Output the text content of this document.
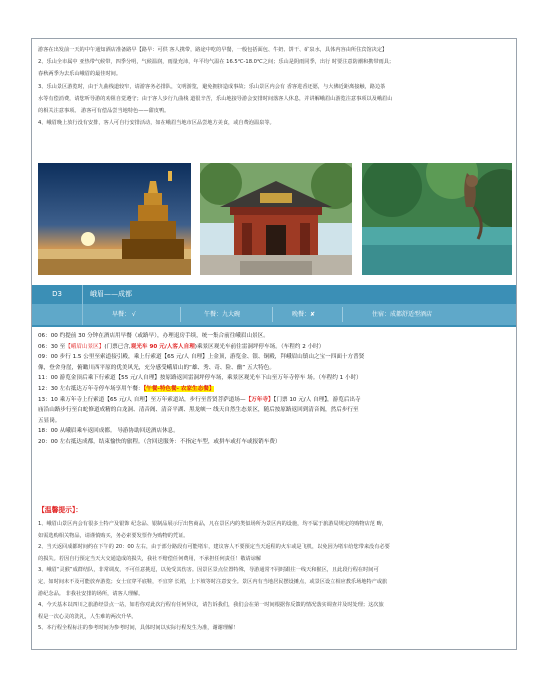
游客在出发前一天的中午通知酒店准备路早【路早：可供 客人携带，路途中吃的早餐，一般包括面包、牛奶、饼干、矿泉水，具体内容由所住宾馆决定】

2、乐山全市属中 亚热带气候带，四季分明，气候温润，雨量充沛，年平均气温在 16.5℃-18.0℃之间；乐山是阴雨同季，出行 时要注意防潮和携带雨具；

春秋两季为去乐山峨眉的最佳时间。

3、乐山景区游览时，由于九曲栈道较窄，请游客务必排队，文明游览，避免拥挤造成事故；乐山景区内会有 香客进香还愿，与大佛近距离接触，路边茶

水等有偿消费，请您听导游的劝阻自觉遵守；由于客人步行九曲栈 道很辛苦，乐山地接导游会安排时间落客人休息，并讲解峨眉山游览注意事项以及峨眉山

的相关注意事项。 游客可有偿品尝当地特色——甜皮鸭。

4、峨眉晚上放行没有安排，客人可自行安排活动，如在峨眉当地市区品尝地方美食，或自费泡温泉等。

D3	峨眉——成都
早餐： √	午餐：九大碗	晚餐：✘	住宿：成都舒适型酒店

06：00 约提前 30 分钟在酒店用早餐（或路早），办理退房手续，统一集合前往峨眉山景区。

06：30 至【峨眉山景区】(门票已含,观光车 90 元/人客人自理)乘景区观光车前往雷洞坪停车场。（车程约 2 小时）

09：00 步行 1.5 公里至索道接引殿，乘上行索道【65 元/人 自理】上金顶，游览金、银、铜殿，拜峨眉山镇山之宝一四面十方普贤

像，登舍身崖，俯瞰川西平原的优美风光，充分感受峨眉山的“雄、秀、奇、险、幽” 五大特色。

11：00 游览金顶后乘下行索道【55 元/人自理】按原路返回雷洞坪停车场，乘景区观光车下山至万年寺停车 场。（车程约 1 小时）

12：30 左右抵达万年寺停车场享用午餐：【午餐-特色餐- 农家生态餐】

13：10 乘万年寺上行索道【65 元/人 自理】至万年索道站，步行至普贤菩萨道场—【万年寺】【门票 10 元/人 自理】，游览后出寺

庙沿山路步行至白蛇修道成精的白龙洞、清音阁、清音平湖、黑龙峡一 线天自然生态景区，随后按原路返回到清音阁，然后步行至

五显岗。

18：00 从峨眉乘车返回成都。 导游协助回送酒店休息。

20：00 左右抵达成都，结束愉快的旅程。（含回送服务：不指定车型，或拼车或打车或报销车费）

【温馨提示】：

1、峨眉山景区内会有很多土特产及银饰 纪念品、银制品展示厅出售商品，凡在景区内的类似场所为景区内的设施，均不属于旅游局规定的购物店范 畴，

如需选购相关物品，请谨慎购买，务必索要发票作为购物的凭证。

2、当天返回成都时间约在下午的 20：00 左右，由于部分路段有可能堵车，建议客人不要预定当天返程的火车或是飞机，以免因为堵车给您带来没有必要

的损失。若因自行预定当天大交通造成的损失，我社不赔偿任何费用，不承担任何责任！敬请谅解

3、峨眉“灵猴”成群结队，非常调皮，不可任意挑逗，以免受其伤害。因景区景点位置特殊，导游通常不同时跟往一线天和猴区，且此段行程在时间可

定，如时间未不及可能放弃游览；女士宜穿平底鞋，不宜穿 长裙，上下坡等时注意安全。景区内有当地居民摆设摊点，或景区设立相应教乐场地特产或旅

游纪念品。 非我社安排的场所，请客人理解。

4、今天基本以四川之旅游经景点一站，如若你对此次行程有任何异议，请告诉我们，我们会在第一时间根据你反馈的情况落实调查并及时处理；这次旅

程是一次心灵的洗礼，人生难的两次升华。

5、本行程全程标注的参考时间为参考时间，具体时间以实际行程发生为准，谢谢理解！
